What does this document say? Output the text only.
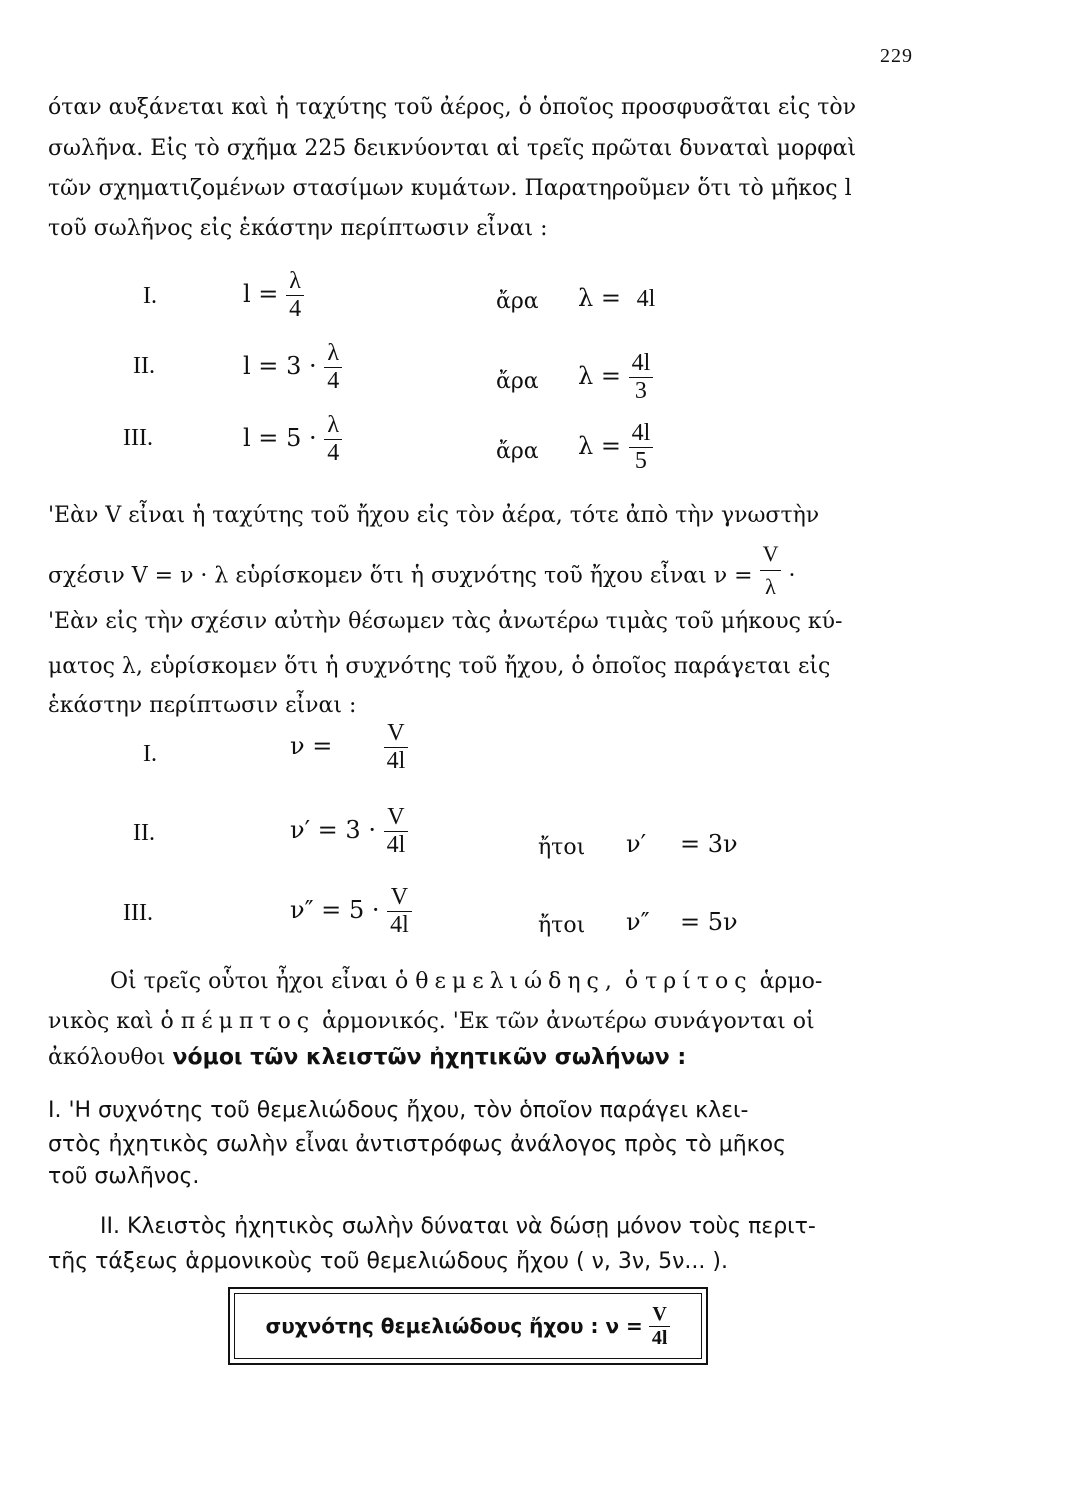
229
όταν αυξάνεται καὶ ἡ ταχύτης τοῦ ἀέρος, ὁ ὁποῖος προσφυσᾶται εἰς τὸν
σωλῆνα. Εἰς τὸ σχῆμα 225 δεικνύονται αἱ τρεῖς πρῶται δυναταὶ μορφαὶ
τῶν σχηματιζομένων στασίμων κυμάτων. Παρατηροῦμεν ὅτι τὸ μῆκος l
τοῦ σωλῆνος εἰς ἑκάστην περίπτωσιν εἶναι :
I.	$l = \frac{\lambda}{4}$	ἄρα λ = 4l
II.	$l = 3 \cdot \frac{\lambda}{4}$	ἄρα $\lambda = \frac{4l}{3}$
III.	$l = 5 \cdot \frac{\lambda}{4}$	ἄρα $\lambda = \frac{4l}{5}$
'Εὰν V εἶναι ἡ ταχύτης τοῦ ἤχου εἰς τὸν ἀέρα, τότε ἀπὸ τὴν γνωστὴν
σχέσιν V = ν · λ εὑρίσκομεν ὅτι ἡ συχνότης τοῦ ἤχου εἶναι $\nu = \frac{V}{\lambda}$ ·
'Εὰν εἰς τὴν σχέσιν αὐτὴν θέσωμεν τὰς ἀνωτέρω τιμὰς τοῦ μήκους κύ-
ματος λ, εὑρίσκομεν ὅτι ἡ συχνότης τοῦ ἤχου, ὁ ὁποῖος παράγεται εἰς
ἑκάστην περίπτωσιν εἶναι :
I.	$\nu = \frac{V}{4l}$
II.	$\nu' = 3 \cdot \frac{V}{4l}$	ἤτοι ν′ = 3ν
III.	$\nu'' = 5 \cdot \frac{V}{4l}$	ἤτοι ν″ = 5ν
Οἱ τρεῖς οὗτοι ἦχοι εἶναι ὁ θεμελιώδης, ὁ τρίτος ἁρμο-
νικὸς καὶ ὁ πέμπτος ἁρμονικός. 'Εκ τῶν ἀνωτέρω συνάγονται οἱ
ἀκόλουθοι νόμοι τῶν κλειστῶν ἠχητικῶν σωλήνων :
I. 'Η συχνότης τοῦ θεμελιώδους ἤχου, τὸν ὁποῖον παράγει κλει-
στὸς ἠχητικὸς σωλὴν εἶναι ἀντιστρόφως ἀνάλογος πρὸς τὸ μῆκος
τοῦ σωλῆνος.
II. Κλειστὸς ἠχητικὸς σωλὴν δύναται νὰ δώσῃ μόνον τοὺς περιτ-
τῆς τάξεως ἁρμονικοὺς τοῦ θεμελιώδους ἤχου ( ν, 3ν, 5ν... ).
συχνότης θεμελιώδους ἤχου : $\nu = \frac{V}{4l}$
